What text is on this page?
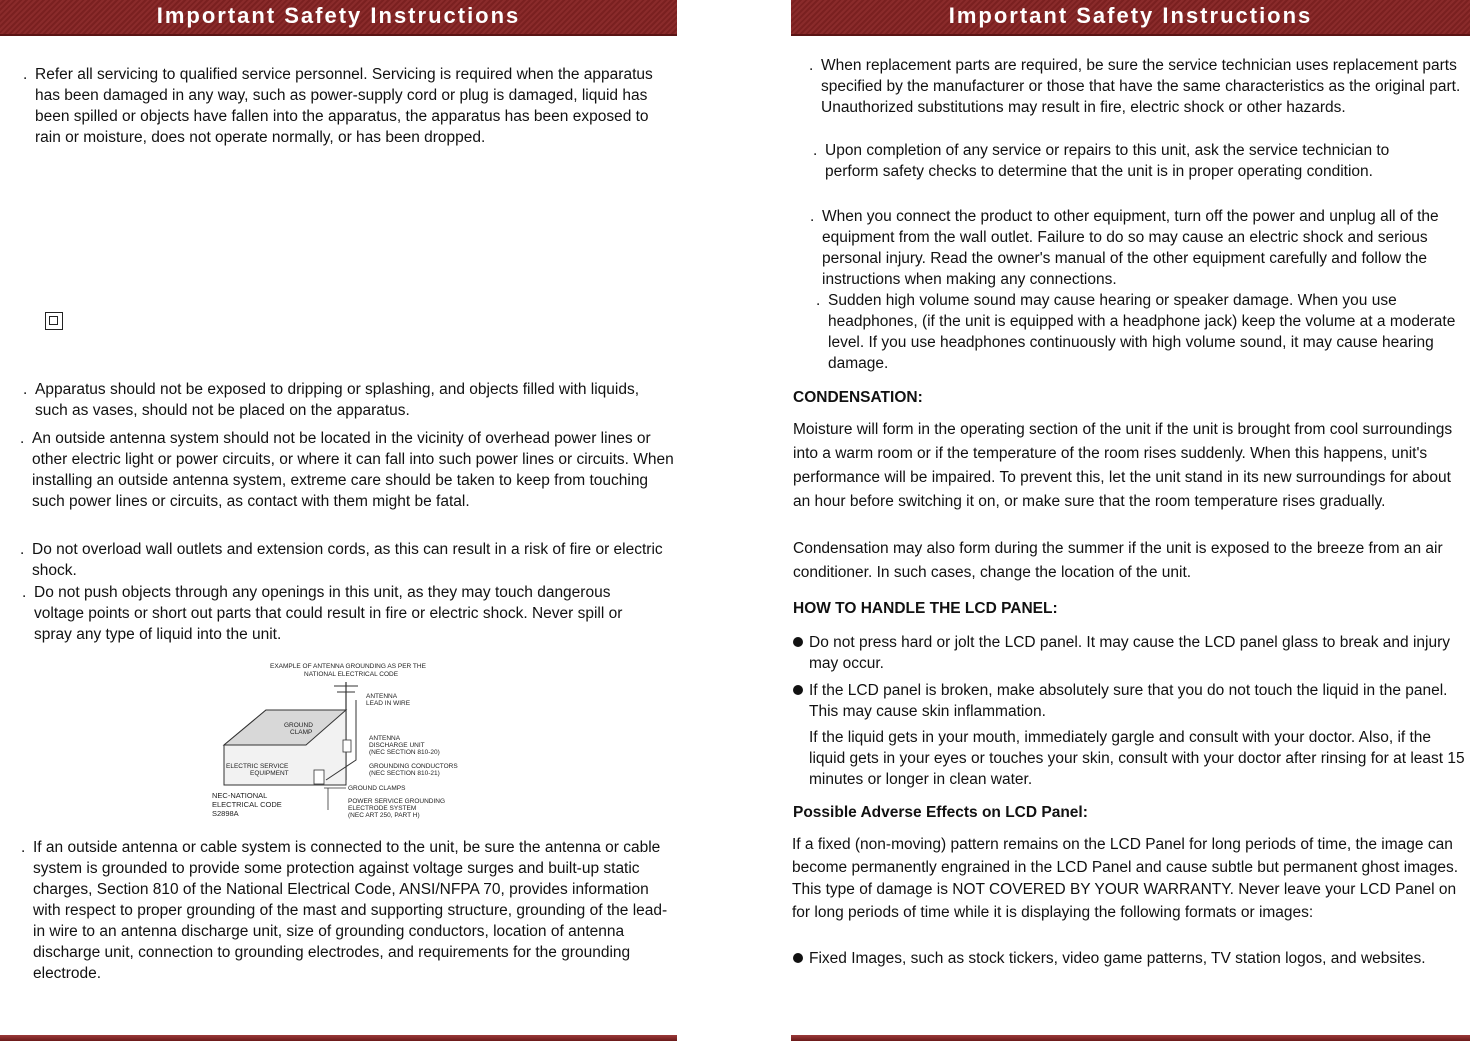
Important Safety Instructions
. Refer all servicing to qualified service personnel. Servicing is required when the apparatus has been damaged in any way, such as power-supply cord or plug is damaged, liquid has been spilled or objects have fallen into the apparatus, the apparatus has been exposed to rain or moisture, does not operate normally, or has been dropped.
. Apparatus should not be exposed to dripping or splashing, and objects filled with liquids, such as vases, should not be placed on the apparatus.
. An outside antenna system should not be located in the vicinity of overhead power lines or other electric light or power circuits, or where it can fall into such power lines or circuits. When installing an outside antenna system, extreme care should be taken to keep from touching such power lines or circuits, as contact with them might be fatal.
. Do not overload wall outlets and extension cords, as this can result in a risk of fire or electric shock.
. Do not push objects through any openings in this unit, as they may touch dangerous voltage points or short out parts that could result in fire or electric shock. Never spill or spray any type of liquid into the unit.
EXAMPLE OF ANTENNA GROUNDING AS PER THE
NATIONAL ELECTRICAL CODE
ANTENNA
LEAD IN WIRE
GROUND
CLAMP
ANTENNA
DISCHARGE UNIT
(NEC SECTION 810-20)
GROUNDING CONDUCTORS
(NEC SECTION 810-21)
ELECTRIC SERVICE
EQUIPMENT
GROUND CLAMPS
POWER SERVICE GROUNDING
ELECTRODE SYSTEM
(NEC ART 250, PART H)
NEC-NATIONAL
ELECTRICAL CODE
S2898A
. If an outside antenna or cable system is connected to the unit, be sure the antenna or cable system is grounded to provide some protection against voltage surges and built-up static charges, Section 810 of the National Electrical Code, ANSI/NFPA 70, provides information with respect to proper grounding of the mast and supporting structure, grounding of the lead-in wire to an antenna discharge unit, size of grounding conductors, location of antenna discharge unit, connection to grounding electrodes, and requirements for the grounding electrode.
Important Safety Instructions
. When replacement parts are required, be sure the service technician uses replacement parts specified by the manufacturer or those that have the same characteristics as the original part. Unauthorized substitutions may result in fire, electric shock or other hazards.
. Upon completion of any service or repairs to this unit, ask the service technician to perform safety checks to determine that the unit is in proper operating condition.
. When you connect the product to other equipment, turn off the power and unplug all of the equipment from the wall outlet. Failure to do so may cause an electric shock and serious personal injury. Read the owner's manual of the other equipment carefully and follow the instructions when making any connections.
. Sudden high volume sound may cause hearing or speaker damage. When you use headphones, (if the unit is equipped with a headphone jack) keep the volume at a moderate level. If you use headphones continuously with high volume sound, it may cause hearing damage.
CONDENSATION:
Moisture will form in the operating section of the unit if the unit is brought from cool surroundings into a warm room or if the temperature of the room rises suddenly. When this happens, unit's performance will be impaired. To prevent this, let the unit stand in its new surroundings for about an hour before switching it on, or make sure that the room temperature rises gradually.
Condensation may also form during the summer if the unit is exposed to the breeze from an air conditioner. In such cases, change the location of the unit.
HOW TO HANDLE THE LCD PANEL:
Do not press hard or jolt the LCD panel. It may cause the LCD panel glass to break and injury may occur.
If the LCD panel is broken, make absolutely sure that you do not touch the liquid in the panel. This may cause skin inflammation.
If the liquid gets in your mouth, immediately gargle and consult with your doctor. Also, if the liquid gets in your eyes or touches your skin, consult with your doctor after rinsing for at least 15 minutes or longer in clean water.
Possible Adverse Effects on LCD Panel:
If a fixed (non-moving) pattern remains on the LCD Panel for long periods of time, the image can become permanently engrained in the LCD Panel and cause subtle but permanent ghost images. This type of damage is NOT COVERED BY YOUR WARRANTY. Never leave your LCD Panel on for long periods of time while it is displaying the following formats or images:
Fixed Images, such as stock tickers, video game patterns, TV station logos, and websites.
